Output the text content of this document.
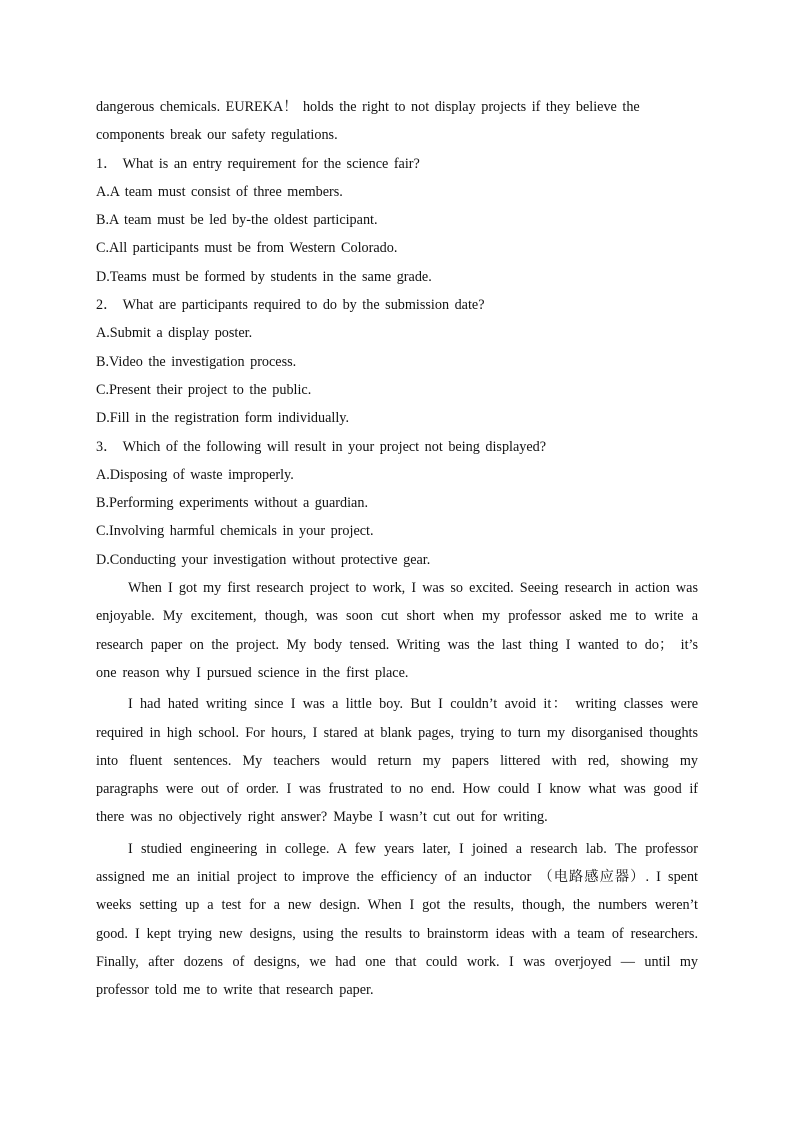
dangerous chemicals. EUREKA！ holds the right to not display projects if they believe the

components break our safety regulations.

1． What is an entry requirement for the science fair?

A.A team must consist of three members.

B.A team must be led by-the oldest participant.

C.All participants must be from Western Colorado.

D.Teams must be formed by students in the same grade.

2． What are participants required to do by the submission date?

A.Submit a display poster.

B.Video the investigation process.

C.Present their project to the public.

D.Fill in the registration form individually.

3． Which of the following will result in your project not being displayed?

A.Disposing of waste improperly.

B.Performing experiments without a guardian.

C.Involving harmful chemicals in your project.

D.Conducting your investigation without protective gear.

When I got my first research project to work, I was so excited. Seeing research in action was enjoyable. My excitement, though, was soon cut short when my professor asked me to write a research paper on the project. My body tensed. Writing was the last thing I wanted to do； it’s one reason why I pursued science in the first place.

I had hated writing since I was a little boy. But I couldn’t avoid it： writing classes were required in high school. For hours, I stared at blank pages, trying to turn my disorganised thoughts into fluent sentences. My teachers would return my papers littered with red, showing my paragraphs were out of order. I was frustrated to no end. How could I know what was good if there was no objectively right answer? Maybe I wasn’t cut out for writing.

I studied engineering in college. A few years later, I joined a research lab. The professor assigned me an initial project to improve the efficiency of an inductor （电路感应器）. I spent weeks setting up a test for a new design. When I got the results, though, the numbers weren’t good. I kept trying new designs, using the results to brainstorm ideas with a team of researchers. Finally, after dozens of designs, we had one that could work. I was overjoyed — until my professor told me to write that research paper.
